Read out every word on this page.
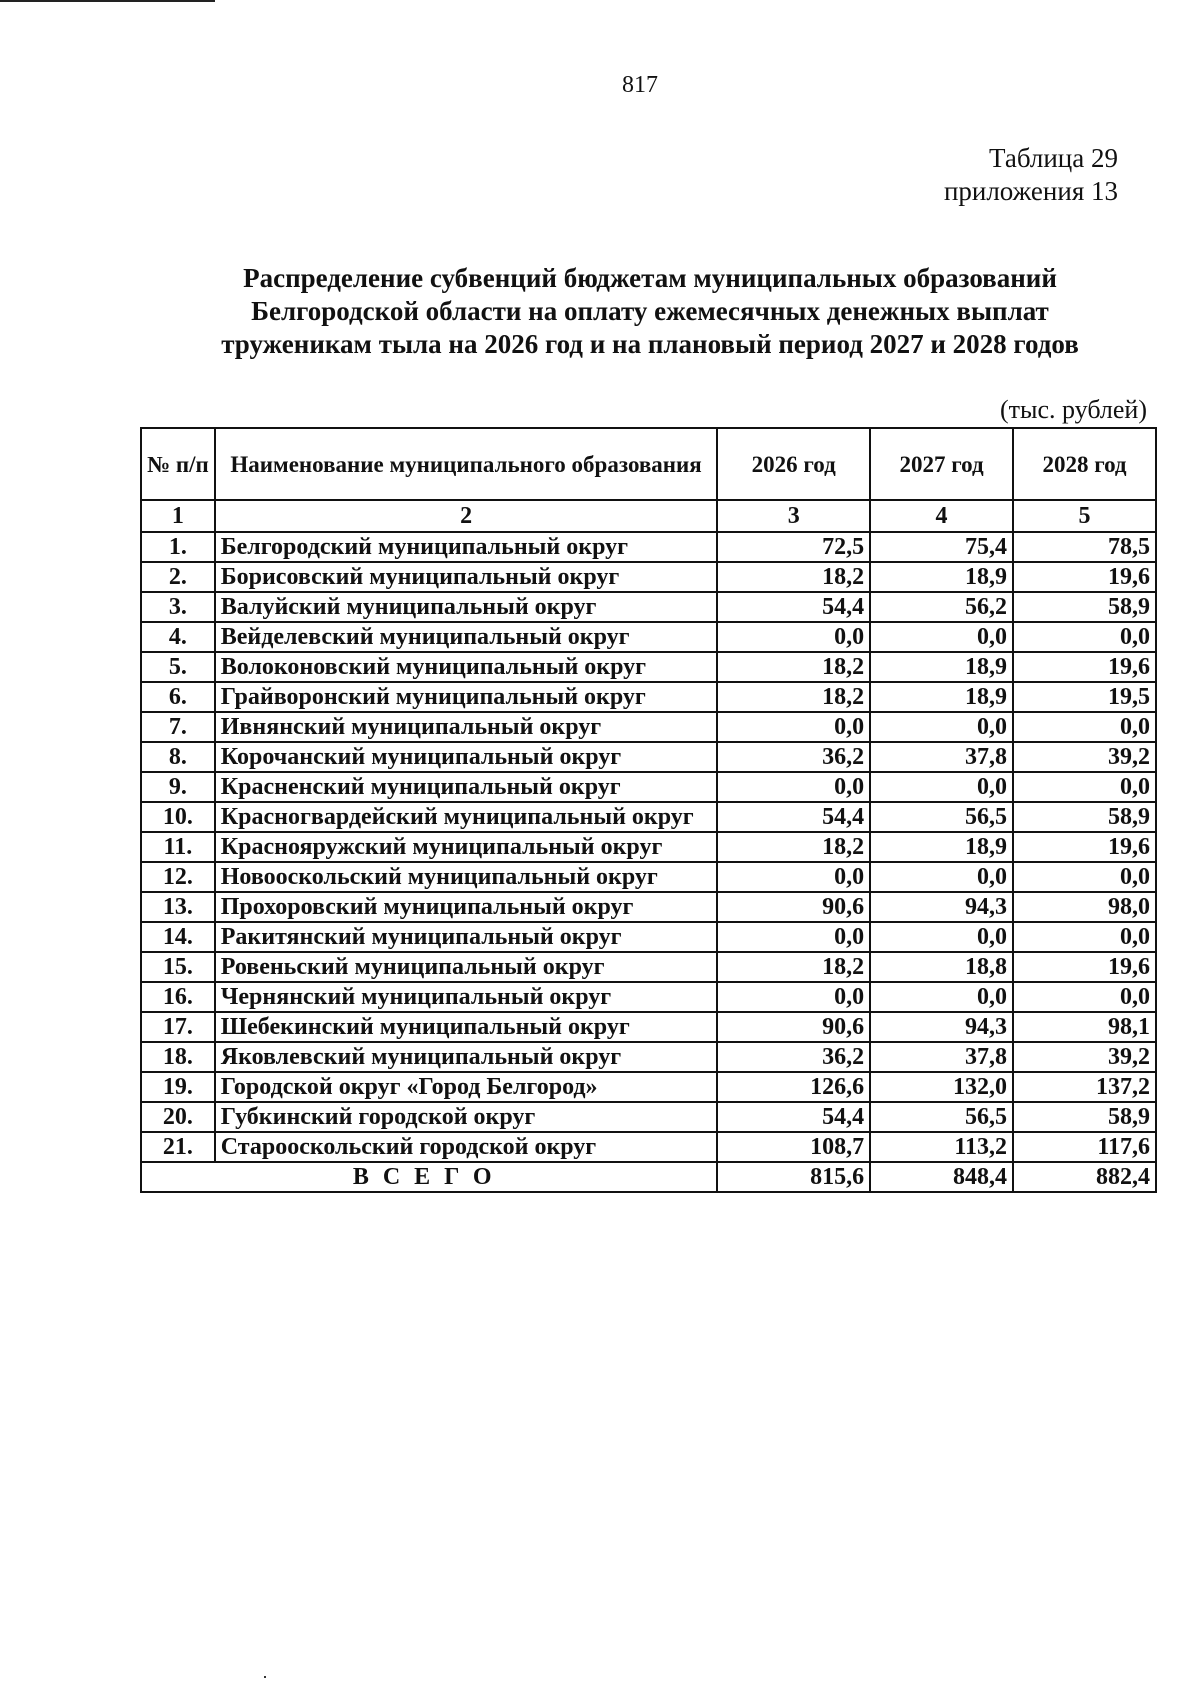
817
Таблица 29
приложения 13
Распределение субвенций бюджетам муниципальных образований
Белгородской области на оплату ежемесячных денежных выплат
труженикам тыла на 2026 год и на плановый период 2027 и 2028 годов
(тыс. рублей)
№ п/п	Наименование муниципального образования	2026 год	2027 год	2028 год
1	2	3	4	5
1.	Белгородский муниципальный округ	72,5	75,4	78,5
2.	Борисовский муниципальный округ	18,2	18,9	19,6
3.	Валуйский муниципальный округ	54,4	56,2	58,9
4.	Вейделевский муниципальный округ	0,0	0,0	0,0
5.	Волоконовский муниципальный округ	18,2	18,9	19,6
6.	Грайворонский муниципальный округ	18,2	18,9	19,5
7.	Ивнянский муниципальный округ	0,0	0,0	0,0
8.	Корочанский муниципальный округ	36,2	37,8	39,2
9.	Красненский муниципальный округ	0,0	0,0	0,0
10.	Красногвардейский муниципальный округ	54,4	56,5	58,9
11.	Краснояружский муниципальный округ	18,2	18,9	19,6
12.	Новооскольский муниципальный округ	0,0	0,0	0,0
13.	Прохоровский муниципальный округ	90,6	94,3	98,0
14.	Ракитянский муниципальный округ	0,0	0,0	0,0
15.	Ровеньский муниципальный округ	18,2	18,8	19,6
16.	Чернянский муниципальный округ	0,0	0,0	0,0
17.	Шебекинский муниципальный округ	90,6	94,3	98,1
18.	Яковлевский муниципальный округ	36,2	37,8	39,2
19.	Городской округ «Город Белгород»	126,6	132,0	137,2
20.	Губкинский городской округ	54,4	56,5	58,9
21.	Старооскольский городской округ	108,7	113,2	117,6
ВСЕГО		815,6	848,4	882,4
